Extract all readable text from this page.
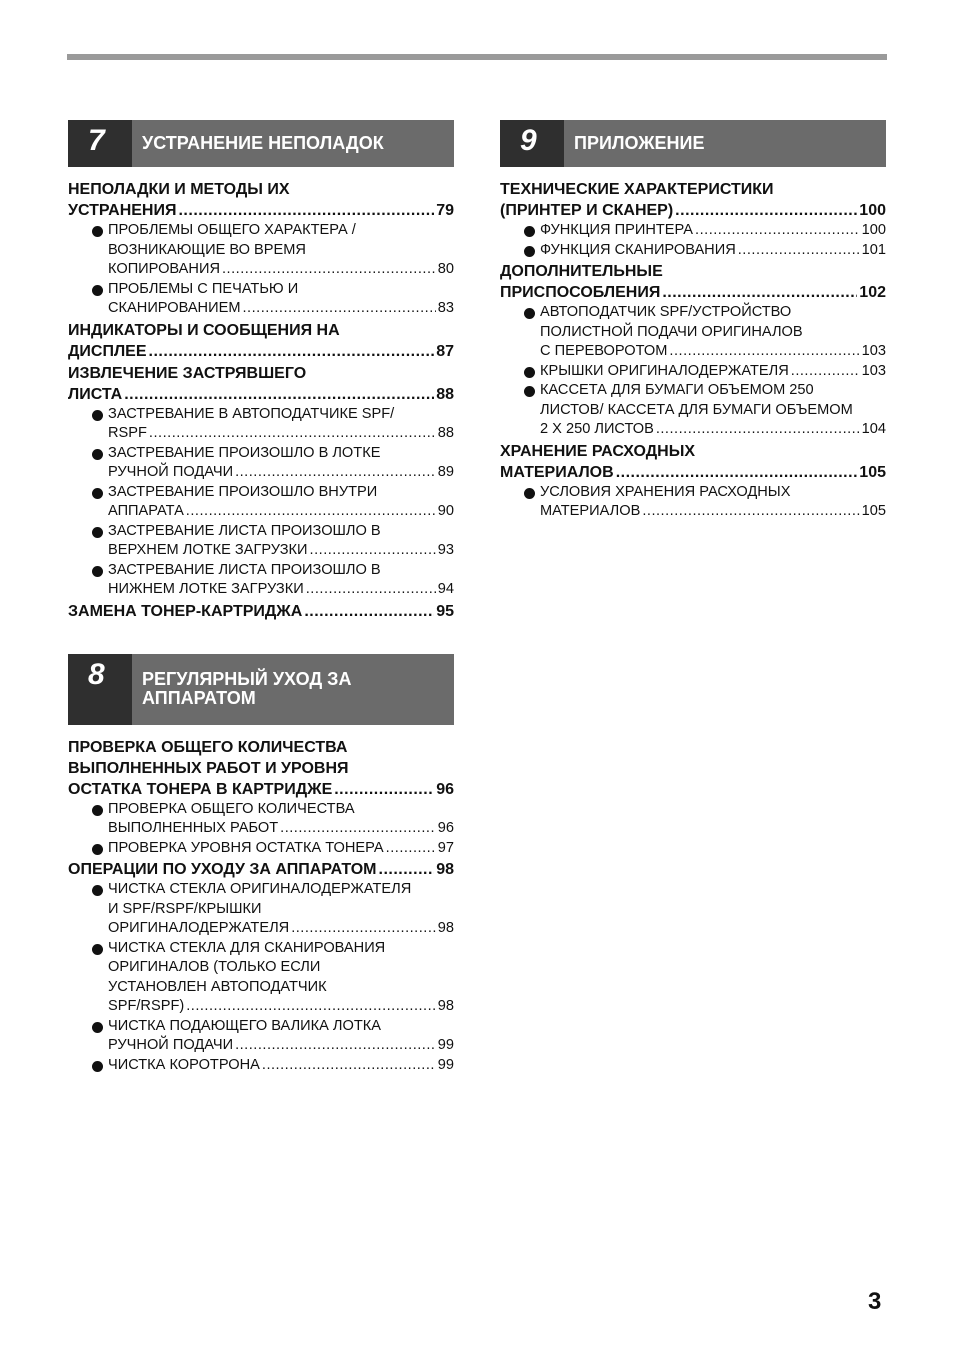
7	УСТРАНЕНИЕ НЕПОЛАДОК
НЕПОЛАДКИ И МЕТОДЫ ИХ
УСТРАНЕНИЯ .....	79
ПРОБЛЕМЫ ОБЩЕГО ХАРАКТЕРА /
ВОЗНИКАЮЩИЕ ВО ВРЕМЯ
КОПИРОВАНИЯ .....	80
ПРОБЛЕМЫ С ПЕЧАТЬЮ И
СКАНИРОВАНИЕМ .....	83
ИНДИКАТОРЫ И СООБЩЕНИЯ НА
ДИСПЛЕЕ .....	87
ИЗВЛЕЧЕНИЕ ЗАСТРЯВШЕГО
ЛИСТА .....	88
ЗАСТРЕВАНИЕ В АВТОПОДАТЧИКЕ SPF/
RSPF .....	88
ЗАСТРЕВАНИЕ ПРОИЗОШЛО В ЛОТКЕ
РУЧНОЙ ПОДАЧИ .....	89
ЗАСТРЕВАНИЕ ПРОИЗОШЛО ВНУТРИ
АППАРАТА .....	90
ЗАСТРЕВАНИЕ ЛИСТА ПРОИЗОШЛО В
ВЕРХНЕМ ЛОТКЕ ЗАГРУЗКИ .....	93
ЗАСТРЕВАНИЕ ЛИСТА ПРОИЗОШЛО В
НИЖНЕМ ЛОТКЕ ЗАГРУЗКИ .....	94
ЗАМЕНА ТОНЕР-КАРТРИДЖА .....	95
8	РЕГУЛЯРНЫЙ УХОД ЗА
АППАРАТОМ
ПРОВЕРКА ОБЩЕГО КОЛИЧЕСТВА
ВЫПОЛНЕННЫХ РАБОТ И УРОВНЯ
ОСТАТКА ТОНЕРА В КАРТРИДЖЕ .....	96
ПРОВЕРКА ОБЩЕГО КОЛИЧЕСТВА
ВЫПОЛНЕННЫХ РАБОТ .....	96
ПРОВЕРКА УРОВНЯ ОСТАТКА ТОНЕРА .....	97
ОПЕРАЦИИ ПО УХОДУ ЗА АППАРАТОМ .....	98
ЧИСТКА СТЕКЛА ОРИГИНАЛОДЕРЖАТЕЛЯ
И SPF/RSPF/КРЫШКИ
ОРИГИНАЛОДЕРЖАТЕЛЯ .....	98
ЧИСТКА СТЕКЛА ДЛЯ СКАНИРОВАНИЯ
ОРИГИНАЛОВ (ТОЛЬКО ЕСЛИ
УСТАНОВЛЕН АВТОПОДАТЧИК
SPF/RSPF) .....	98
ЧИСТКА ПОДАЮЩЕГО ВАЛИКА ЛОТКА
РУЧНОЙ ПОДАЧИ .....	99
ЧИСТКА КОРОТРОНА .....	99
9	ПРИЛОЖЕНИЕ
ТЕХНИЧЕСКИЕ ХАРАКТЕРИСТИКИ
(ПРИНТЕР И СКАНЕР) .....	100
ФУНКЦИЯ ПРИНТЕРА .....	100
ФУНКЦИЯ СКАНИРОВАНИЯ .....	101
ДОПОЛНИТЕЛЬНЫЕ
ПРИСПОСОБЛЕНИЯ .....	102
АВТОПОДАТЧИК SPF/УСТРОЙСТВО
ПОЛИСТНОЙ ПОДАЧИ ОРИГИНАЛОВ
С ПЕРЕВОРОТОМ .....	103
КРЫШКИ ОРИГИНАЛОДЕРЖАТЕЛЯ .....	103
КАССЕТА ДЛЯ БУМАГИ ОБЪЕМОМ 250
ЛИСТОВ/ КАССЕТА ДЛЯ БУМАГИ ОБЪЕМОМ
2 X 250 ЛИСТОВ .....	104
ХРАНЕНИЕ РАСХОДНЫХ
МАТЕРИАЛОВ .....	105
УСЛОВИЯ ХРАНЕНИЯ РАСХОДНЫХ
МАТЕРИАЛОВ .....	105
3
